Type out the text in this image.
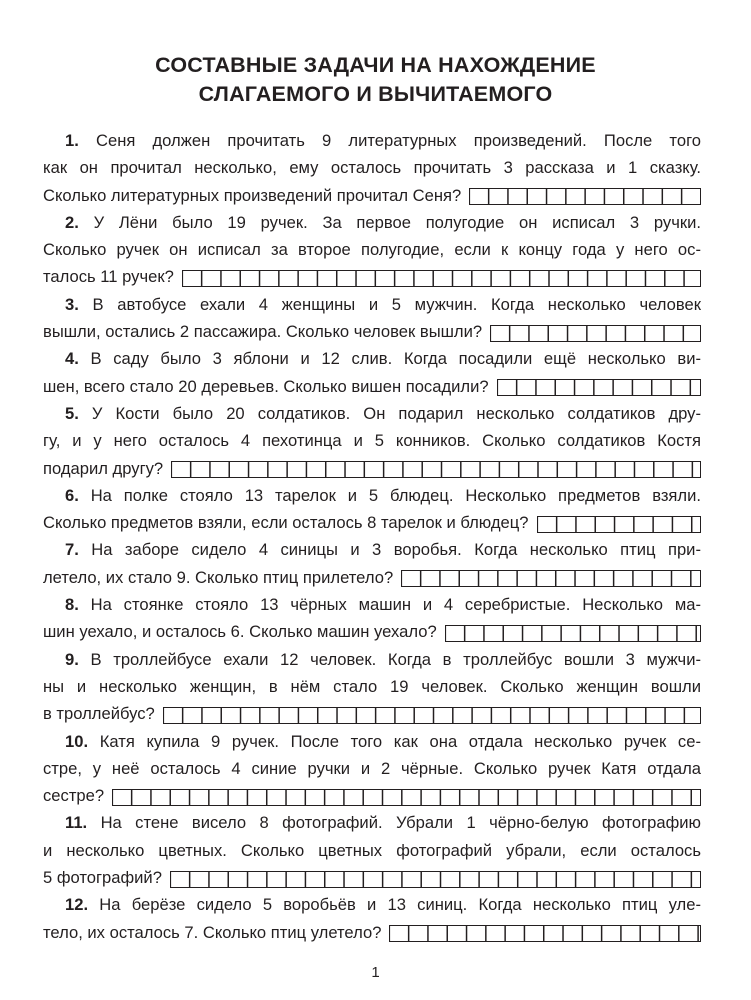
СОСТАВНЫЕ ЗАДАЧИ НА НАХОЖДЕНИЕ
СЛАГАЕМОГО И ВЫЧИТАЕМОГО
1. Сеня должен прочитать 9 литературных произведений. После того
как он прочитал несколько, ему осталось прочитать 3 рассказа и 1 сказку.
Сколько литературных произведений прочитал Сеня?
2. У Лёни было 19 ручек. За первое полугодие он исписал 3 ручки.
Сколько ручек он исписал за второе полугодие, если к концу года у него ос-
талось 11 ручек?
3. В автобусе ехали 4 женщины и 5 мужчин. Когда несколько человек
вышли, остались 2 пассажира. Сколько человек вышли?
4. В саду было 3 яблони и 12 слив. Когда посадили ещё несколько ви-
шен, всего стало 20 деревьев. Сколько вишен посадили?
5. У Кости было 20 солдатиков. Он подарил несколько солдатиков дру-
гу, и у него осталось 4 пехотинца и 5 конников. Сколько солдатиков Костя
подарил другу?
6. На полке стояло 13 тарелок и 5 блюдец. Несколько предметов взяли.
Сколько предметов взяли, если осталось 8 тарелок и блюдец?
7. На заборе сидело 4 синицы и 3 воробья. Когда несколько птиц при-
летело, их стало 9. Сколько птиц прилетело?
8. На стоянке стояло 13 чёрных машин и 4 серебристые. Несколько ма-
шин уехало, и осталось 6. Сколько машин уехало?
9. В троллейбусе ехали 12 человек. Когда в троллейбус вошли 3 мужчи-
ны и несколько женщин, в нём стало 19 человек. Сколько женщин вошли
в троллейбус?
10. Катя купила 9 ручек. После того как она отдала несколько ручек се-
стре, у неё осталось 4 синие ручки и 2 чёрные. Сколько ручек Катя отдала
сестре?
11. На стене висело 8 фотографий. Убрали 1 чёрно-белую фотографию
и несколько цветных. Сколько цветных фотографий убрали, если осталось
5 фотографий?
12. На берёзе сидело 5 воробьёв и 13 синиц. Когда несколько птиц уле-
тело, их осталось 7. Сколько птиц улетело?
1
